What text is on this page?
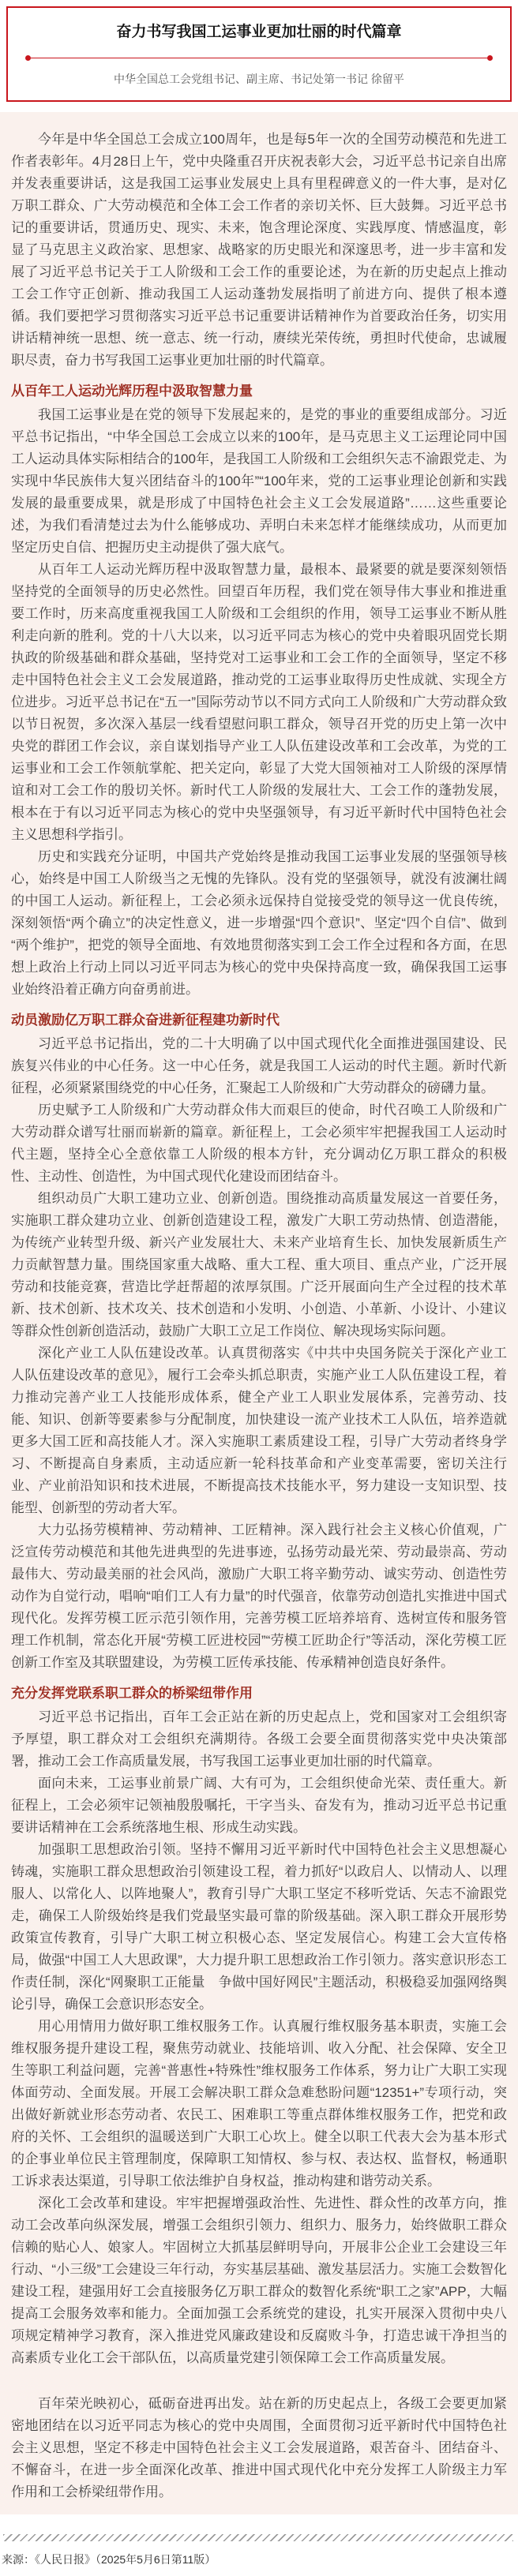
奋力书写我国工运事业更加壮丽的时代篇章
中华全国总工会党组书记、副主席、书记处第一书记 徐留平

今年是中华全国总工会成立100周年，也是每5年一次的全国劳动模范和先进工作者表彰年。4月28日上午，党中央隆重召开庆祝表彰大会，习近平总书记亲自出席并发表重要讲话，这是我国工运事业发展史上具有里程碑意义的一件大事，是对亿万职工群众、广大劳动模范和全体工会工作者的亲切关怀、巨大鼓舞。习近平总书记的重要讲话，贯通历史、现实、未来，饱含理论深度、实践厚度、情感温度，彰显了马克思主义政治家、思想家、战略家的历史眼光和深邃思考，进一步丰富和发展了习近平总书记关于工人阶级和工会工作的重要论述，为在新的历史起点上推动工会工作守正创新、推动我国工人运动蓬勃发展指明了前进方向、提供了根本遵循。我们要把学习贯彻落实习近平总书记重要讲话精神作为首要政治任务，切实用讲话精神统一思想、统一意志、统一行动，赓续光荣传统，勇担时代使命，忠诚履职尽责，奋力书写我国工运事业更加壮丽的时代篇章。

从百年工人运动光辉历程中汲取智慧力量

我国工运事业是在党的领导下发展起来的，是党的事业的重要组成部分。习近平总书记指出，“中华全国总工会成立以来的100年，是马克思主义工运理论同中国工人运动具体实际相结合的100年，是我国工人阶级和工会组织矢志不渝跟党走、为实现中华民族伟大复兴团结奋斗的100年”“100年来，党的工运事业理论创新和实践发展的最重要成果，就是形成了中国特色社会主义工会发展道路”……这些重要论述，为我们看清楚过去为什么能够成功、弄明白未来怎样才能继续成功，从而更加坚定历史自信、把握历史主动提供了强大底气。

从百年工人运动光辉历程中汲取智慧力量，最根本、最紧要的就是要深刻领悟坚持党的全面领导的历史必然性。回望百年历程，我们党在领导伟大事业和推进重要工作时，历来高度重视我国工人阶级和工会组织的作用，领导工运事业不断从胜利走向新的胜利。党的十八大以来，以习近平同志为核心的党中央着眼巩固党长期执政的阶级基础和群众基础，坚持党对工运事业和工会工作的全面领导，坚定不移走中国特色社会主义工会发展道路，推动党的工运事业取得历史性成就、实现全方位进步。习近平总书记在“五一”国际劳动节以不同方式向工人阶级和广大劳动群众致以节日祝贺，多次深入基层一线看望慰问职工群众，领导召开党的历史上第一次中央党的群团工作会议，亲自谋划指导产业工人队伍建设改革和工会改革，为党的工运事业和工会工作领航掌舵、把关定向，彰显了大党大国领袖对工人阶级的深厚情谊和对工会工作的殷切关怀。新时代工人阶级的发展壮大、工会工作的蓬勃发展，根本在于有以习近平同志为核心的党中央坚强领导，有习近平新时代中国特色社会主义思想科学指引。

历史和实践充分证明，中国共产党始终是推动我国工运事业发展的坚强领导核心，始终是中国工人阶级当之无愧的先锋队。没有党的坚强领导，就没有波澜壮阔的中国工人运动。新征程上，工会必须永远保持自觉接受党的领导这一优良传统，深刻领悟“两个确立”的决定性意义，进一步增强“四个意识”、坚定“四个自信”、做到“两个维护”，把党的领导全面地、有效地贯彻落实到工会工作全过程和各方面，在思想上政治上行动上同以习近平同志为核心的党中央保持高度一致，确保我国工运事业始终沿着正确方向奋勇前进。

动员激励亿万职工群众奋进新征程建功新时代

习近平总书记指出，党的二十大明确了以中国式现代化全面推进强国建设、民族复兴伟业的中心任务。这一中心任务，就是我国工人运动的时代主题。新时代新征程，必须紧紧围绕党的中心任务，汇聚起工人阶级和广大劳动群众的磅礴力量。

历史赋予工人阶级和广大劳动群众伟大而艰巨的使命，时代召唤工人阶级和广大劳动群众谱写壮丽而崭新的篇章。新征程上，工会必须牢牢把握我国工人运动时代主题，坚持全心全意依靠工人阶级的根本方针，充分调动亿万职工群众的积极性、主动性、创造性，为中国式现代化建设而团结奋斗。

组织动员广大职工建功立业、创新创造。围绕推动高质量发展这一首要任务，实施职工群众建功立业、创新创造建设工程，激发广大职工劳动热情、创造潜能，为传统产业转型升级、新兴产业发展壮大、未来产业培育生长、加快发展新质生产力贡献智慧力量。围绕国家重大战略、重大工程、重大项目、重点产业，广泛开展劳动和技能竞赛，营造比学赶帮超的浓厚氛围。广泛开展面向生产全过程的技术革新、技术创新、技术攻关、技术创造和小发明、小创造、小革新、小设计、小建议等群众性创新创造活动，鼓励广大职工立足工作岗位、解决现场实际问题。

深化产业工人队伍建设改革。认真贯彻落实《中共中央国务院关于深化产业工人队伍建设改革的意见》，履行工会牵头抓总职责，实施产业工人队伍建设工程，着力推动完善产业工人技能形成体系，健全产业工人职业发展体系，完善劳动、技能、知识、创新等要素参与分配制度，加快建设一流产业技术工人队伍，培养造就更多大国工匠和高技能人才。深入实施职工素质建设工程，引导广大劳动者终身学习、不断提高自身素质，主动适应新一轮科技革命和产业变革需要，密切关注行业、产业前沿知识和技术进展，不断提高技术技能水平，努力建设一支知识型、技能型、创新型的劳动者大军。

大力弘扬劳模精神、劳动精神、工匠精神。深入践行社会主义核心价值观，广泛宣传劳动模范和其他先进典型的先进事迹，弘扬劳动最光荣、劳动最崇高、劳动最伟大、劳动最美丽的社会风尚，激励广大职工将辛勤劳动、诚实劳动、创造性劳动作为自觉行动，唱响“咱们工人有力量”的时代强音，依靠劳动创造扎实推进中国式现代化。发挥劳模工匠示范引领作用，完善劳模工匠培养培育、选树宣传和服务管理工作机制，常态化开展“劳模工匠进校园”“劳模工匠助企行”等活动，深化劳模工匠创新工作室及其联盟建设，为劳模工匠传承技能、传承精神创造良好条件。

充分发挥党联系职工群众的桥梁纽带作用

习近平总书记指出，百年工会正站在新的历史起点上，党和国家对工会组织寄予厚望，职工群众对工会组织充满期待。各级工会要全面贯彻落实党中央决策部署，推动工会工作高质量发展，书写我国工运事业更加壮丽的时代篇章。

面向未来，工运事业前景广阔、大有可为，工会组织使命光荣、责任重大。新征程上，工会必须牢记领袖殷殷嘱托，干字当头、奋发有为，推动习近平总书记重要讲话精神在工会系统落地生根、形成生动实践。

加强职工思想政治引领。坚持不懈用习近平新时代中国特色社会主义思想凝心铸魂，实施职工群众思想政治引领建设工程，着力抓好“以政启人、以情动人、以理服人、以常化人、以阵地聚人”，教育引导广大职工坚定不移听党话、矢志不渝跟党走，确保工人阶级始终是我们党最坚实最可靠的阶级基础。深入职工群众开展形势政策宣传教育，引导广大职工树立积极心态、坚定发展信心。构建工会大宣传格局，做强“中国工人大思政课”，大力提升职工思想政治工作引领力。落实意识形态工作责任制，深化“网聚职工正能量　争做中国好网民”主题活动，积极稳妥加强网络舆论引导，确保工会意识形态安全。

用心用情用力做好职工维权服务工作。认真履行维权服务基本职责，实施工会维权服务提升建设工程，聚焦劳动就业、技能培训、收入分配、社会保障、安全卫生等职工利益问题，完善“普惠性+特殊性”维权服务工作体系，努力让广大职工实现体面劳动、全面发展。开展工会解决职工群众急难愁盼问题“12351+”专项行动，突出做好新就业形态劳动者、农民工、困难职工等重点群体维权服务工作，把党和政府的关怀、工会组织的温暖送到广大职工心坎上。健全以职工代表大会为基本形式的企事业单位民主管理制度，保障职工知情权、参与权、表达权、监督权，畅通职工诉求表达渠道，引导职工依法维护自身权益，推动构建和谐劳动关系。

深化工会改革和建设。牢牢把握增强政治性、先进性、群众性的改革方向，推动工会改革向纵深发展，增强工会组织引领力、组织力、服务力，始终做职工群众信赖的贴心人、娘家人。牢固树立大抓基层鲜明导向，开展非公企业工会建设三年行动、“小三级”工会建设三年行动，夯实基层基础、激发基层活力。实施工会数智化建设工程，建强用好工会直接服务亿万职工群众的数智化系统“职工之家”APP，大幅提高工会服务效率和能力。全面加强工会系统党的建设，扎实开展深入贯彻中央八项规定精神学习教育，深入推进党风廉政建设和反腐败斗争，打造忠诚干净担当的高素质专业化工会干部队伍，以高质量党建引领保障工会工作高质量发展。

百年荣光映初心，砥砺奋进再出发。站在新的历史起点上，各级工会要更加紧密地团结在以习近平同志为核心的党中央周围，全面贯彻习近平新时代中国特色社会主义思想，坚定不移走中国特色社会主义工会发展道路，艰苦奋斗、团结奋斗、不懈奋斗，在进一步全面深化改革、推进中国式现代化中充分发挥工人阶级主力军作用和工会桥梁纽带作用。

来源：《人民日报》（2025年5月6日第11版）
